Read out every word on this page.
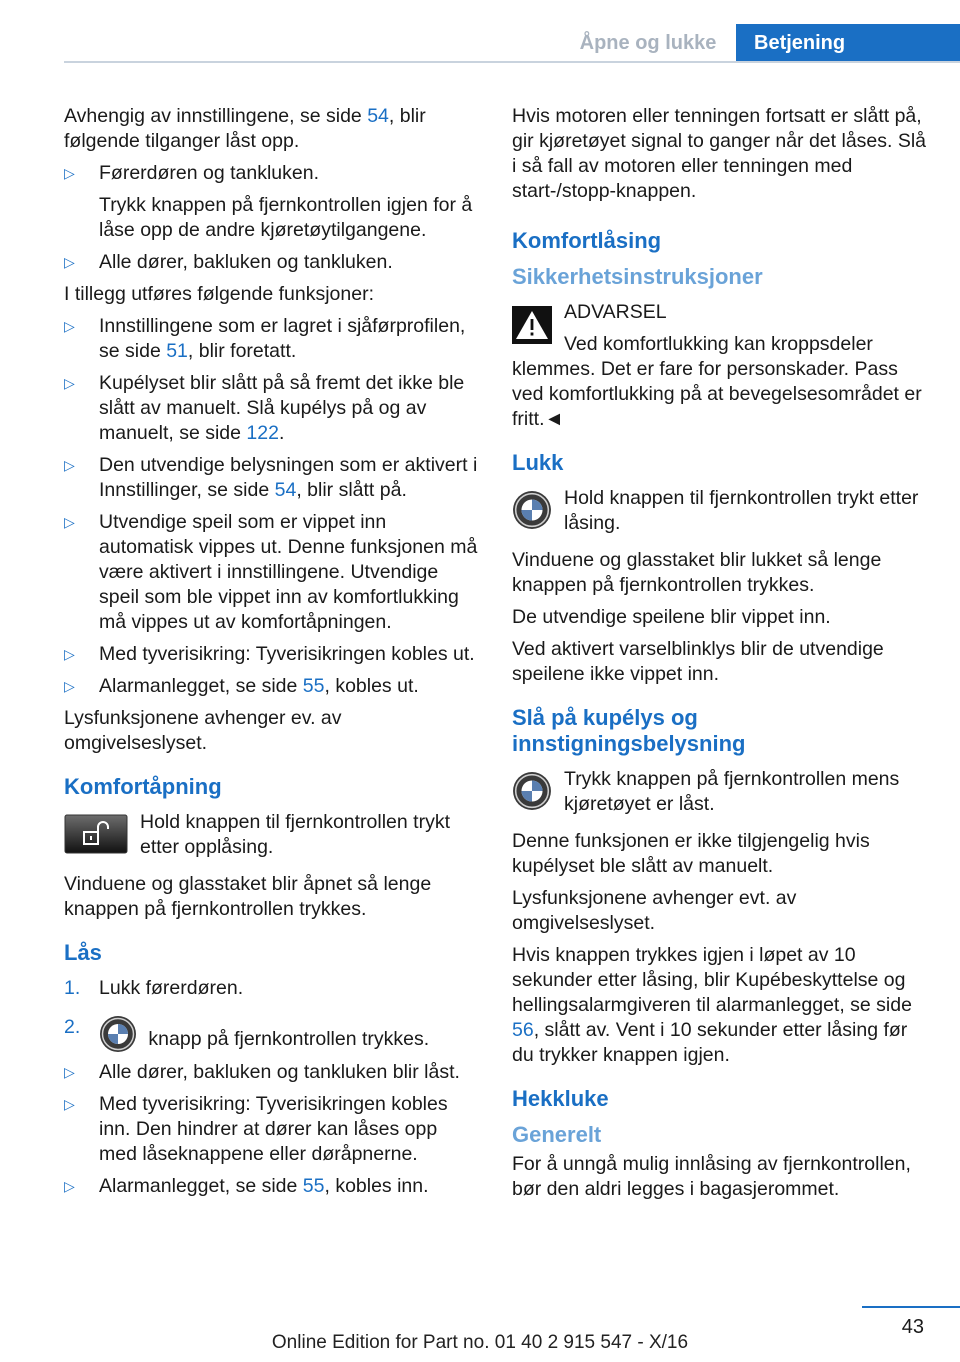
Åpne og lukke	Betjening

Avhengig av innstillingene, se side 54, blir følgende tilganger låst opp.

▷ Førerdøren og tankluken.
Trykk knappen på fjernkontrollen igjen for å låse opp de andre kjøretøytilgangene.
▷ Alle dører, bakluken og tankluken.

I tillegg utføres følgende funksjoner:

▷ Innstillingene som er lagret i sjåførprofilen, se side 51, blir foretatt.
▷ Kupélyset blir slått på så fremt det ikke ble slått av manuelt. Slå kupélys på og av manuelt, se side 122.
▷ Den utvendige belysningen som er aktivert i Innstillinger, se side 54, blir slått på.
▷ Utvendige speil som er vippet inn automatisk vippes ut. Denne funksjonen må være aktivert i innstillingene. Utvendige speil som ble vippet inn av komfortlukking må vippes ut av komfortåpningen.
▷ Med tyverisikring: Tyverisikringen kobles ut.
▷ Alarmanlegget, se side 55, kobles ut.

Lysfunksjonene avhenger ev. av omgivelseslyset.

Komfortåpning
Hold knappen til fjernkontrollen trykt etter opplåsing.

Vinduene og glasstaket blir åpnet så lenge knappen på fjernkontrollen trykkes.

Lås
1. Lukk førerdøren.
2.
knapp på fjernkontrollen trykkes.
▷ Alle dører, bakluken og tankluken blir låst.
▷ Med tyverisikring: Tyverisikringen kobles inn. Den hindrer at dører kan låses opp med låseknappene eller døråpnerne.
▷ Alarmanlegget, se side 55, kobles inn.

Hvis motoren eller tenningen fortsatt er slått på, gir kjøretøyet signal to ganger når det låses. Slå i så fall av motoren eller tenningen med start-/stopp-knappen.

Komfortlåsing
Sikkerhetsinstruksjoner
ADVARSEL
Ved komfortlukking kan kroppsdeler klemmes. Det er fare for personskader. Pass ved komfortlukking på at bevegelsesområdet er fritt.◄
Lukk
Hold knappen til fjernkontrollen trykt etter låsing.

Vinduene og glasstaket blir lukket så lenge knappen på fjernkontrollen trykkes.

De utvendige speilene blir vippet inn.

Ved aktivert varselblinklys blir de utvendige speilene ikke vippet inn.

Slå på kupélys og innstigningsbelysning
Trykk knappen på fjernkontrollen mens kjøretøyet er låst.

Denne funksjonen er ikke tilgjengelig hvis kupélyset ble slått av manuelt.

Lysfunksjonene avhenger evt. av omgivelseslyset.

Hvis knappen trykkes igjen i løpet av 10 sekunder etter låsing, blir Kupébeskyttelse og hellingsalarmgiveren til alarmanlegget, se side 56, slått av. Vent i 10 sekunder etter låsing før du trykker knappen igjen.

Hekkluke
Generelt

For å unngå mulig innlåsing av fjernkontrollen, bør den aldri legges i bagasjerommet.

43
Online Edition for Part no. 01 40 2 915 547 - X/16
